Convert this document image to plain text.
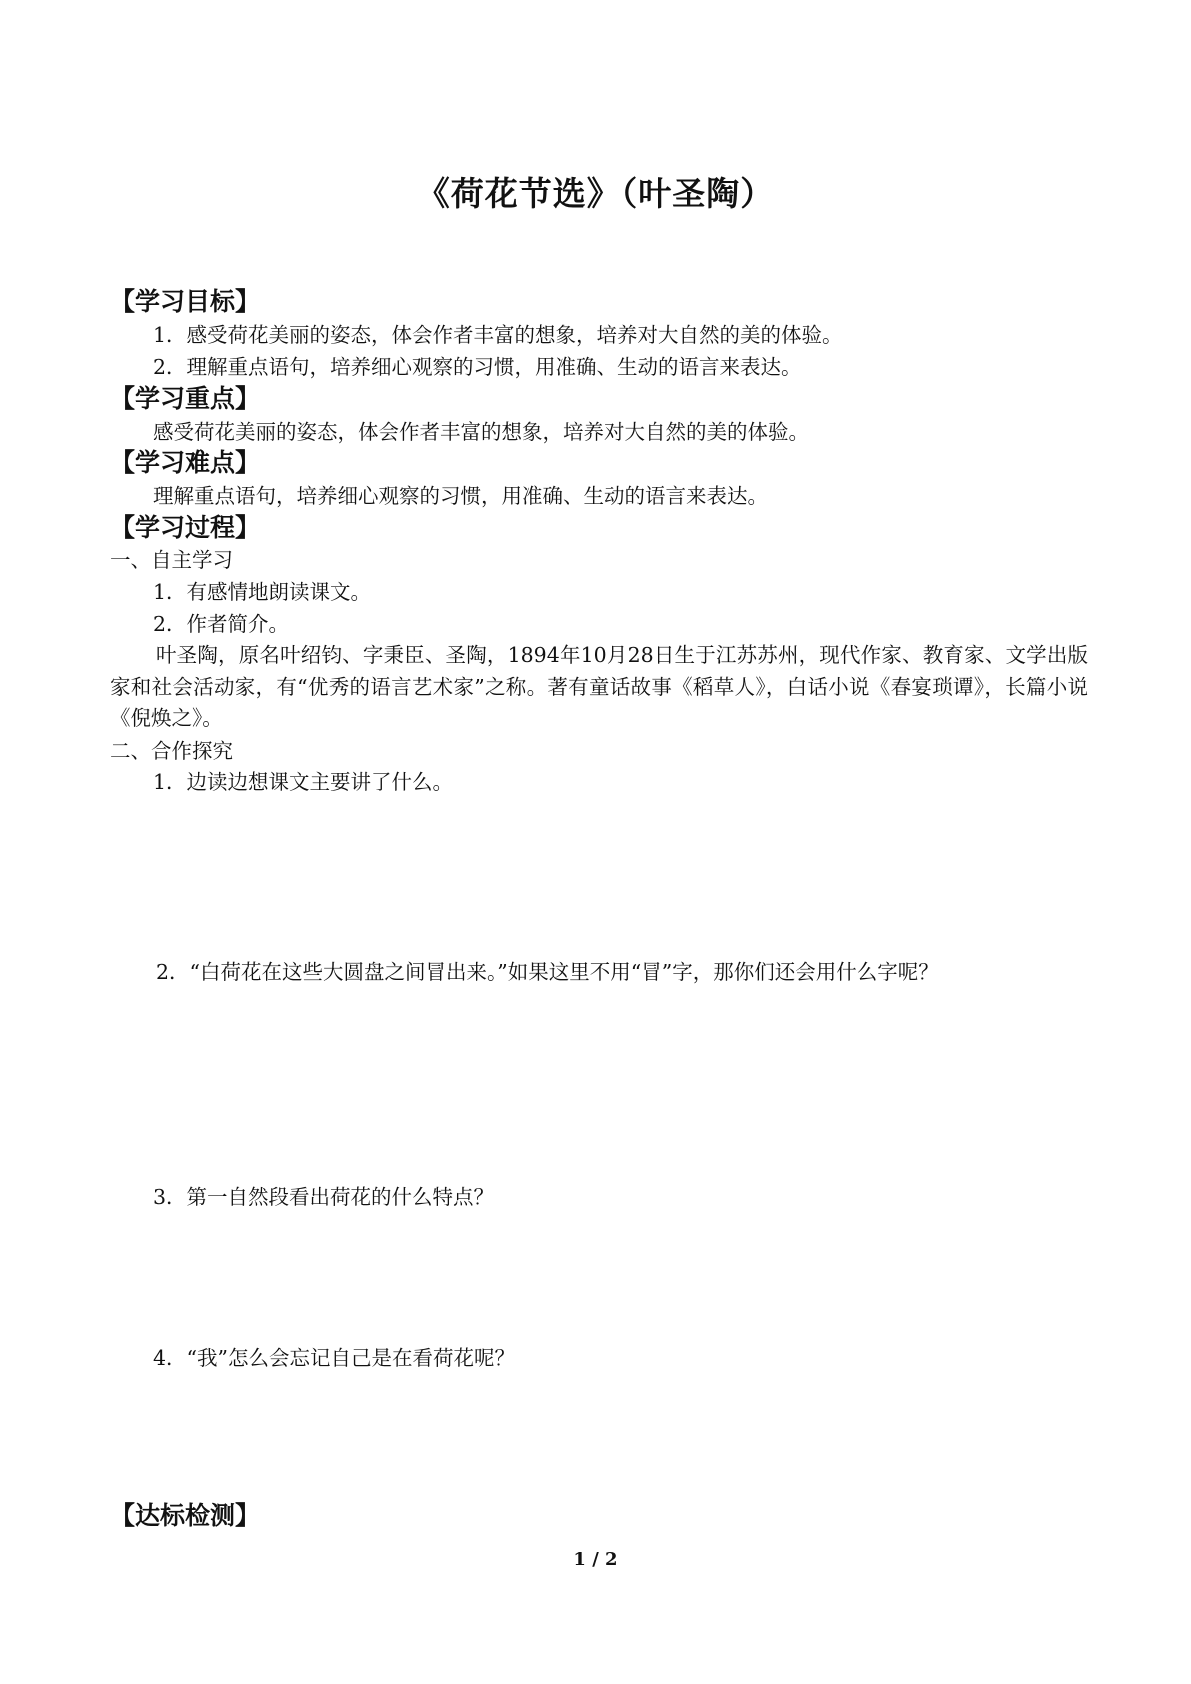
《荷花节选》（叶圣陶）
【学习目标】
1．感受荷花美丽的姿态，体会作者丰富的想象，培养对大自然的美的体验。
2．理解重点语句，培养细心观察的习惯，用准确、生动的语言来表达。
【学习重点】
感受荷花美丽的姿态，体会作者丰富的想象，培养对大自然的美的体验。
【学习难点】
理解重点语句，培养细心观察的习惯，用准确、生动的语言来表达。
【学习过程】
一、自主学习
1．有感情地朗读课文。
2．作者简介。
叶圣陶，原名叶绍钧、字秉臣、圣陶，1894年10月28日生于江苏苏州，现代作家、教育家、文学出版家和社会活动家，有“优秀的语言艺术家”之称。著有童话故事《稻草人》，白话小说《春宴琐谭》，长篇小说《倪焕之》。
二、合作探究
1．边读边想课文主要讲了什么。
2．“白荷花在这些大圆盘之间冒出来。”如果这里不用“冒”字，那你们还会用什么字呢？
3．第一自然段看出荷花的什么特点？
4．“我”怎么会忘记自己是在看荷花呢？
【达标检测】
1 / 2
